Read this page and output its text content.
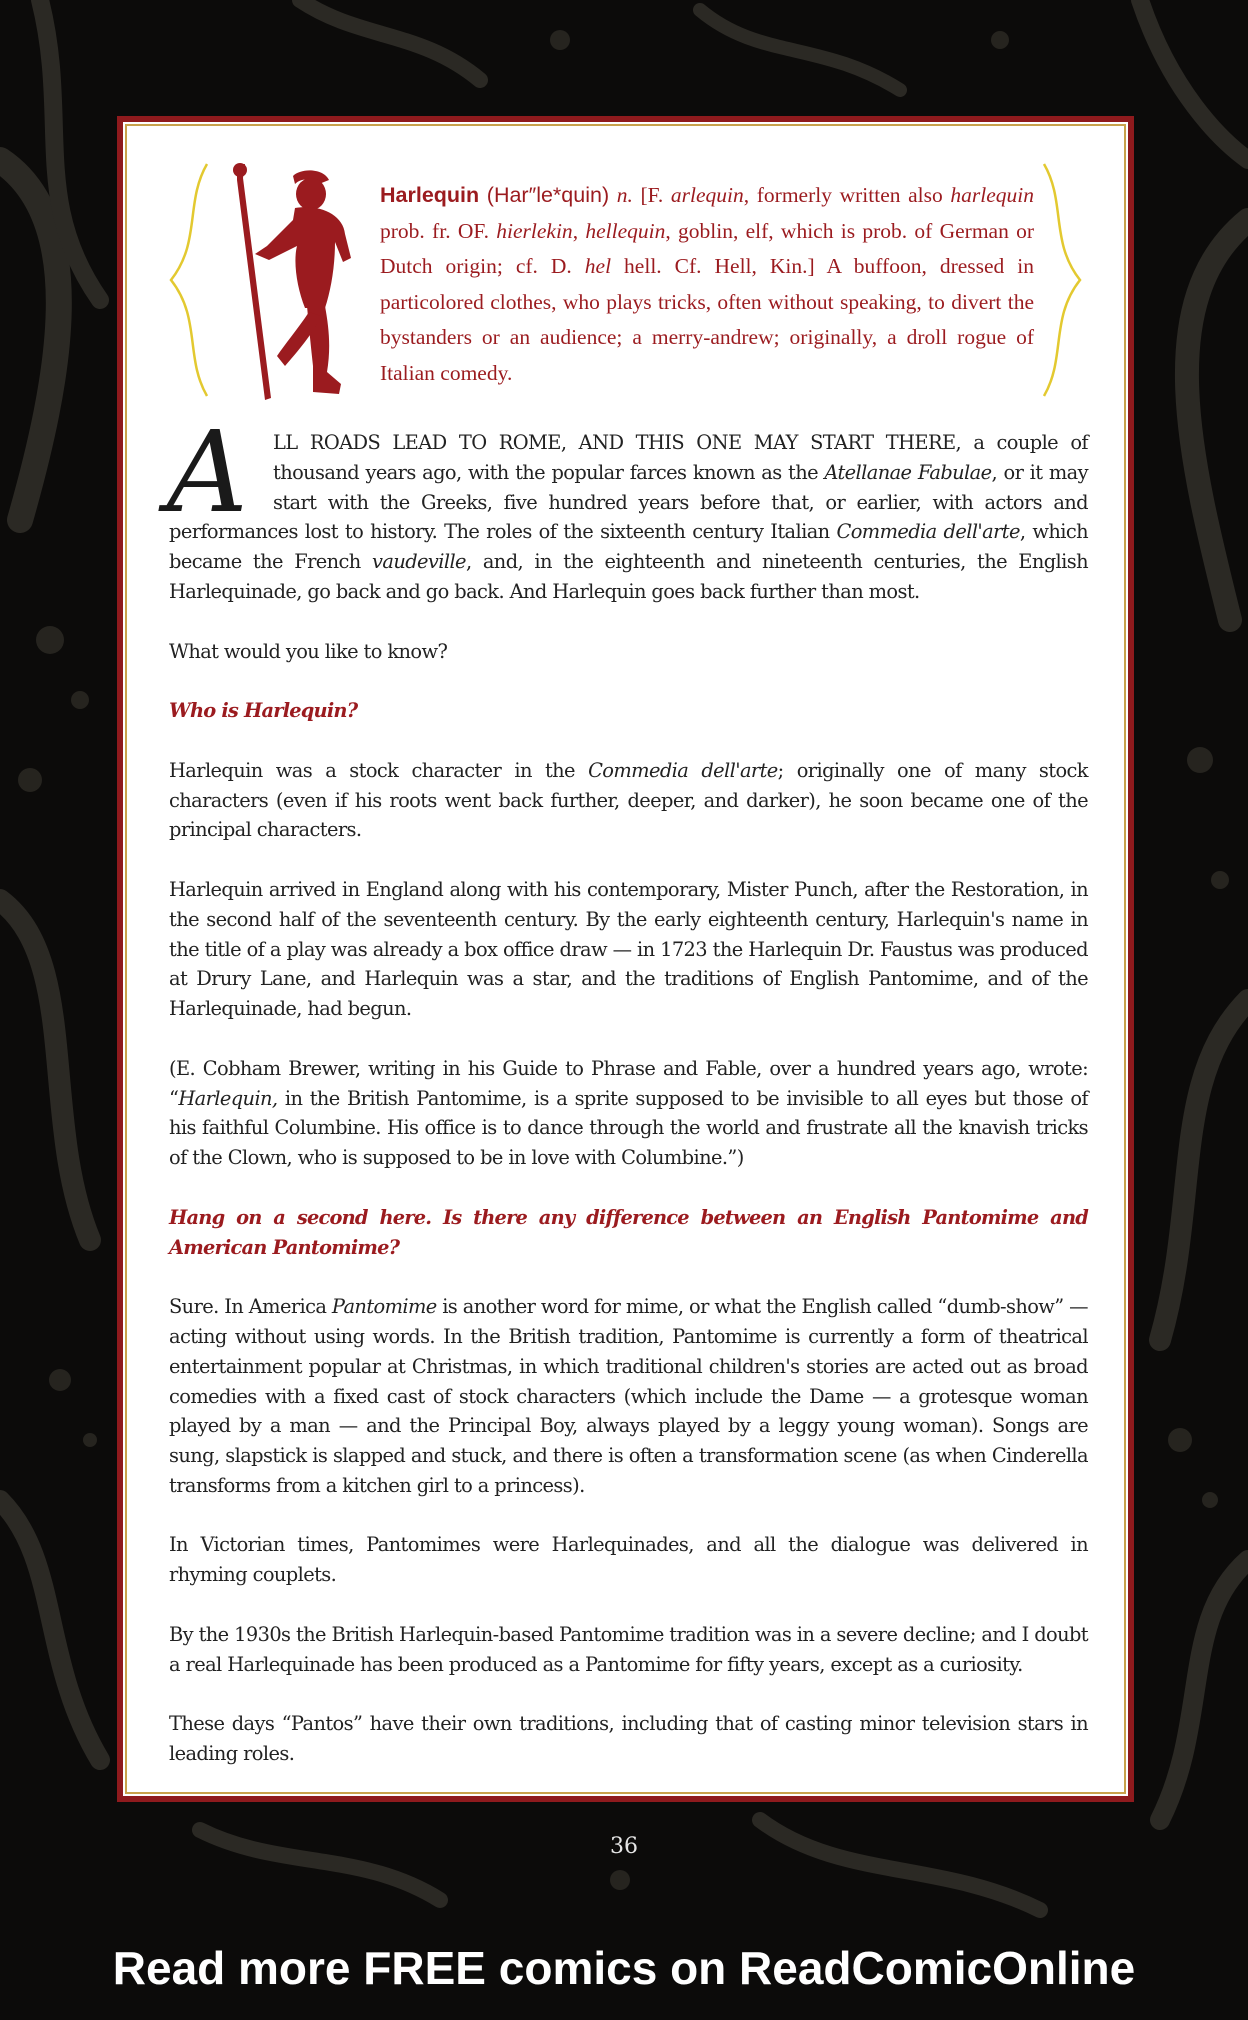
Harlequin (Har″le*quin) n. [F. arlequin, formerly written also harlequin prob. fr. OF. hierlekin, hellequin, goblin, elf, which is prob. of German or Dutch origin; cf. D. hel hell. Cf. Hell, Kin.] A buffoon, dressed in particolored clothes, who plays tricks, often without speaking, to divert the bystanders or an audience; a merry-andrew; originally, a droll rogue of Italian comedy.

A	LL ROADS LEAD TO ROME, AND THIS ONE MAY START THERE, a couple of thousand years ago, with the popular farces known as the Atellanae Fabulae, or it may start with the Greeks, five hundred years before that, or earlier, with actors and performances lost to history. The roles of the sixteenth century Italian Commedia dell'arte, which became the French vaudeville, and, in the eighteenth and nineteenth centuries, the English Harlequinade, go back and go back. And Harlequin goes back further than most.

What would you like to know?

Who is Harlequin?

Harlequin was a stock character in the Commedia dell'arte; originally one of many stock characters (even if his roots went back further, deeper, and darker), he soon became one of the principal characters.

Harlequin arrived in England along with his contemporary, Mister Punch, after the Restoration, in the second half of the seventeenth century. By the early eighteenth century, Harlequin's name in the title of a play was already a box office draw — in 1723 the Harlequin Dr. Faustus was produced at Drury Lane, and Harlequin was a star, and the traditions of English Pantomime, and of the Harlequinade, had begun.

(E. Cobham Brewer, writing in his Guide to Phrase and Fable, over a hundred years ago, wrote: “Harlequin, in the British Pantomime, is a sprite supposed to be invisible to all eyes but those of his faithful Columbine. His office is to dance through the world and frustrate all the knavish tricks of the Clown, who is supposed to be in love with Columbine.”)

Hang on a second here. Is there any difference between an English Pantomime and American Pantomime?

Sure. In America Pantomime is another word for mime, or what the English called “dumb-show” — acting without using words. In the British tradition, Pantomime is currently a form of theatrical entertainment popular at Christmas, in which traditional children's stories are acted out as broad comedies with a fixed cast of stock characters (which include the Dame — a grotesque woman played by a man — and the Principal Boy, always played by a leggy young woman). Songs are sung, slapstick is slapped and stuck, and there is often a transformation scene (as when Cinderella transforms from a kitchen girl to a princess).

In Victorian times, Pantomimes were Harlequinades, and all the dialogue was delivered in rhyming couplets.

By the 1930s the British Harlequin-based Pantomime tradition was in a severe decline; and I doubt a real Harlequinade has been produced as a Pantomime for fifty years, except as a curiosity.

These days “Pantos” have their own traditions, including that of casting minor television stars in leading roles.

36
Read more FREE comics on ReadComicOnline
